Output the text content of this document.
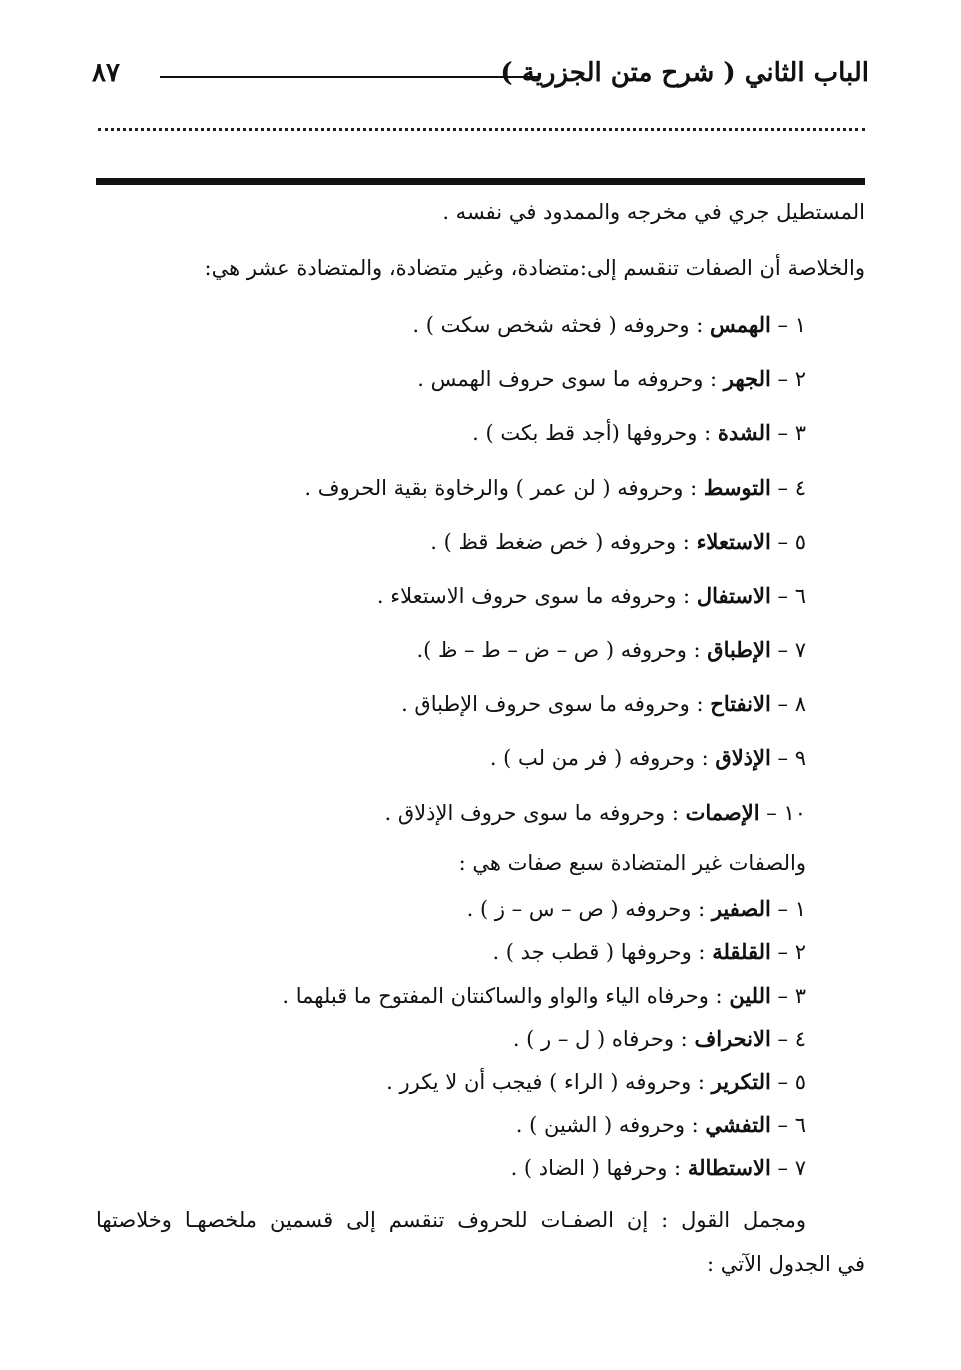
الباب الثاني ( شرح متن الجزرية )
٨٧
المستطيل جري في مخرجه والممدود في نفسه .
والخلاصة أن الصفات تنقسم إلى:متضادة، وغير متضادة، والمتضادة عشر هي:
١ – الهمس : وحروفه ( فحثه شخص سكت ) .
٢ – الجهر : وحروفه ما سوى حروف الهمس .
٣ – الشدة : وحروفها (أجد قط بكت ) .
٤ – التوسط : وحروفه ( لن عمر ) والرخاوة بقية الحروف .
٥ – الاستعلاء : وحروفه ( خص ضغط قظ ) .
٦ – الاستفال : وحروفه ما سوى حروف الاستعلاء .
٧ – الإطباق : وحروفه ( ص – ض – ط – ظ ).
٨ – الانفتاح : وحروفه ما سوى حروف الإطباق .
٩ – الإذلاق : وحروفه ( فر من لب ) .
١٠ – الإصمات : وحروفه ما سوى حروف الإذلاق .
والصفات غير المتضادة سبع صفات هي :
١ – الصفير : وحروفه ( ص – س – ز ) .
٢ – القلقلة : وحروفها ( قطب جد ) .
٣ – اللين : وحرفاه الياء والواو والساكنتان المفتوح ما قبلهما .
٤ – الانحراف : وحرفاه ( ل – ر ) .
٥ – التكرير : وحروفه ( الراء ) فيجب أن لا يكرر .
٦ – التفشي : وحروفه ( الشين ) .
٧ – الاستطالة : وحرفها ( الضاد ) .
ومجمل القول : إن الصفـات للحروف تنقسم إلى قسمين ملخصهـا وخلاصتها
في الجدول الآتي :
